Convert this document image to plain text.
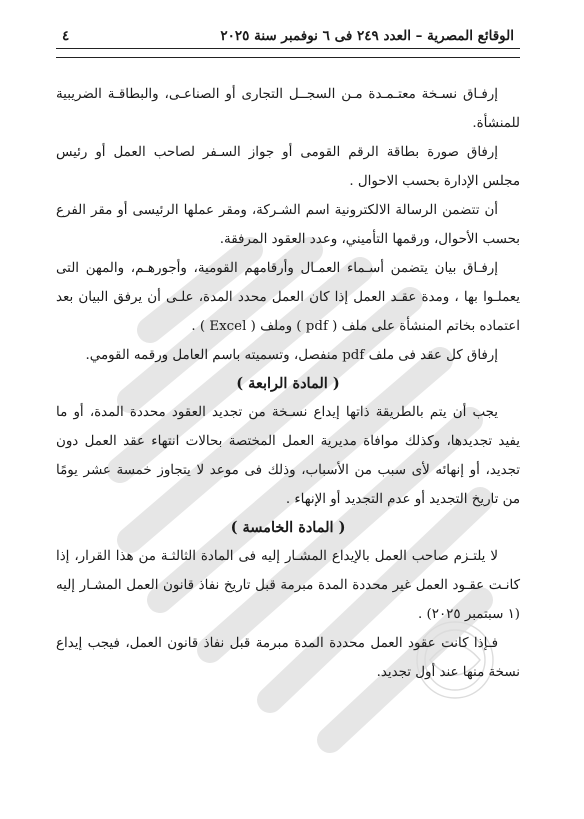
الوقائع المصرية – العدد ٢٤٩ فى ٦ نوفمبر سنة ٢٠٢٥
٤

إرفـاق نسـخة معتـمـدة مـن السجــل التجارى أو الصناعـى، والبطاقـة الضريبية للمنشأة.

إرفاق صورة بطاقة الرقم القومى أو جواز السـفر لصاحب العمل أو رئيس مجلس الإدارة بحسب الاحوال .

أن تتضمن الرسالة الالكترونية اسم الشـركة، ومقر عملها الرئيسى أو مقر الفرع بحسب الأحوال، ورقمها التأميني، وعدد العقود المرفقة.

إرفـاق بيان يتضمن أسـماء العمـال وأرقامهم القومية، وأجورهـم، والمهن التى يعملـوا بها ، ومدة عقـد العمل إذا كان العمل محدد المدة، علـى أن يرفق البيان بعد اعتماده بخاتم المنشأة على ملف ( pdf ) وملف ( Excel ) .

إرفاق كل عقد فى ملف pdf منفصل، وتسميته باسم العامل ورقمه القومي.

( المادة الرابعة )

يجب أن يتم بالطريقة ذاتها إيداع نسـخة من تجديد العقود محددة المدة، أو ما يفيد تجديدها، وكذلك موافاة مديرية العمل المختصة بحالات انتهاء عقد العمل دون تجديد، أو إنهائه لأى سبب من الأسباب، وذلك فى موعد لا يتجاوز خمسة عشر يومًا من تاريخ التجديد أو عدم التجديد أو الإنهاء .

( المادة الخامسة )

لا يلتـزم صاحب العمل بالإيداع المشـار إليه فى المادة الثالثـة من هذا القرار، إذا كانـت عقـود العمل غير محددة المدة مبرمة قبل تاريخ نفاذ قانون العمل المشـار إليه (١ سبتمبر ٢٠٢٥) .

فـإذا كانت عقود العمل محددة المدة مبرمة قبل نفاذ قانون العمل، فيجب إيداع نسخة منها عند أول تجديد.
